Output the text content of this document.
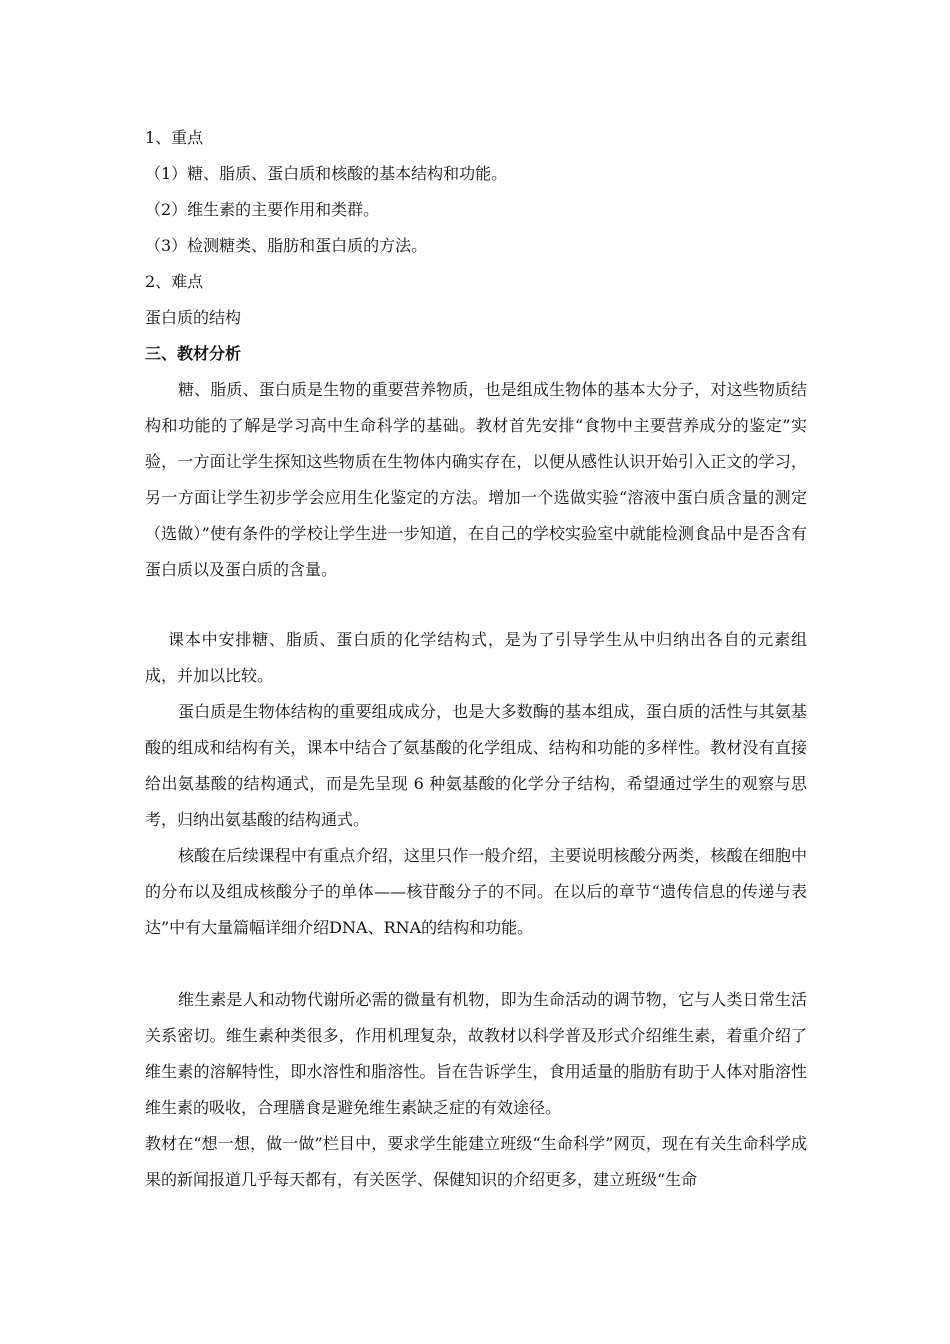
1、重点

（1）糖、脂质、蛋白质和核酸的基本结构和功能。

（2）维生素的主要作用和类群。

（3）检测糖类、脂肪和蛋白质的方法。

2、难点

蛋白质的结构

三、教材分析

糖、脂质、蛋白质是生物的重要营养物质，也是组成生物体的基本大分子，对这些物质结构和功能的了解是学习高中生命科学的基础。教材首先安排“食物中主要营养成分的鉴定”实验，一方面让学生探知这些物质在生物体内确实存在，以便从感性认识开始引入正文的学习，另一方面让学生初步学会应用生化鉴定的方法。增加一个选做实验“溶液中蛋白质含量的测定（选做）”使有条件的学校让学生进一步知道，在自己的学校实验室中就能检测食品中是否含有蛋白质以及蛋白质的含量。

课本中安排糖、脂质、蛋白质的化学结构式，是为了引导学生从中归纳出各自的元素组成，并加以比较。

蛋白质是生物体结构的重要组成成分，也是大多数酶的基本组成，蛋白质的活性与其氨基酸的组成和结构有关，课本中结合了氨基酸的化学组成、结构和功能的多样性。教材没有直接给出氨基酸的结构通式，而是先呈现 6 种氨基酸的化学分子结构，希望通过学生的观察与思考，归纳出氨基酸的结构通式。

核酸在后续课程中有重点介绍，这里只作一般介绍，主要说明核酸分两类，核酸在细胞中的分布以及组成核酸分子的单体——核苷酸分子的不同。在以后的章节“遗传信息的传递与表达”中有大量篇幅详细介绍DNA、RNA的结构和功能。

维生素是人和动物代谢所必需的微量有机物，即为生命活动的调节物，它与人类日常生活关系密切。维生素种类很多，作用机理复杂，故教材以科学普及形式介绍维生素，着重介绍了维生素的溶解特性，即水溶性和脂溶性。旨在告诉学生，食用适量的脂肪有助于人体对脂溶性维生素的吸收，合理膳食是避免维生素缺乏症的有效途径。

教材在“想一想，做一做”栏目中，要求学生能建立班级“生命科学”网页，现在有关生命科学成果的新闻报道几乎每天都有，有关医学、保健知识的介绍更多，建立班级“生命
